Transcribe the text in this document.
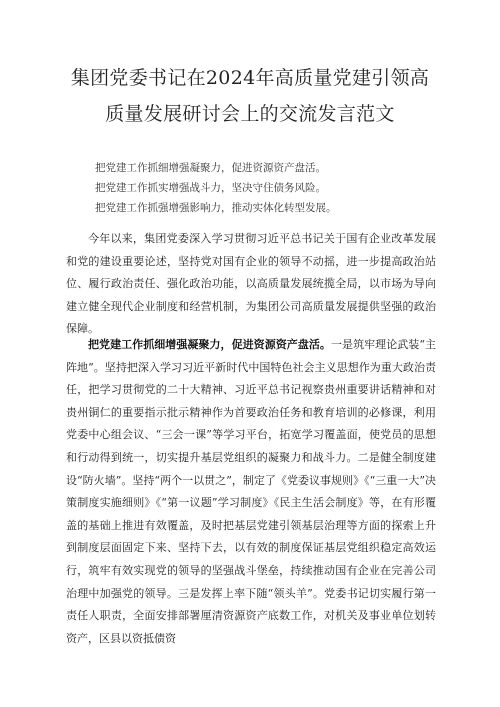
集团党委书记在2024年高质量党建引领高
质量发展研讨会上的交流发言范文
把党建工作抓细增强凝聚力，促进资源资产盘活。
把党建工作抓实增强战斗力，坚决守住债务风险。
把党建工作抓强增强影响力，推动实体化转型发展。

今年以来，集团党委深入学习贯彻习近平总书记关于国有企业改革发展和党的建设重要论述，坚持党对国有企业的领导不动摇，进一步提高政治站位、履行政治责任、强化政治功能，以高质量发展统揽全局，以市场为导向建立健全现代企业制度和经营机制，为集团公司高质量发展提供坚强的政治保障。

把党建工作抓细增强凝聚力，促进资源资产盘活。一是筑牢理论武装“主阵地”。坚持把深入学习习近平新时代中国特色社会主义思想作为重大政治责任，把学习贯彻党的二十大精神、习近平总书记视察贵州重要讲话精神和对贵州铜仁的重要指示批示精神作为首要政治任务和教育培训的必修课，利用党委中心组会议、“三会一课”等学习平台，拓宽学习覆盖面，使党员的思想和行动得到统一，切实提升基层党组织的凝聚力和战斗力。二是健全制度建设“防火墙”。坚持“两个一以贯之”，制定了《党委议事规则》《“三重一大”决策制度实施细则》《“第一议题”学习制度》《民主生活会制度》等，在有形覆盖的基础上推进有效覆盖，及时把基层党建引领基层治理等方面的探索上升到制度层面固定下来、坚持下去，以有效的制度保证基层党组织稳定高效运行，筑牢有效实现党的领导的坚强战斗堡垒，持续推动国有企业在完善公司治理中加强党的领导。三是发挥上率下随“领头羊”。党委书记切实履行第一责任人职责，全面安排部署厘清资源资产底数工作，对机关及事业单位划转资产，区县以资抵债资
